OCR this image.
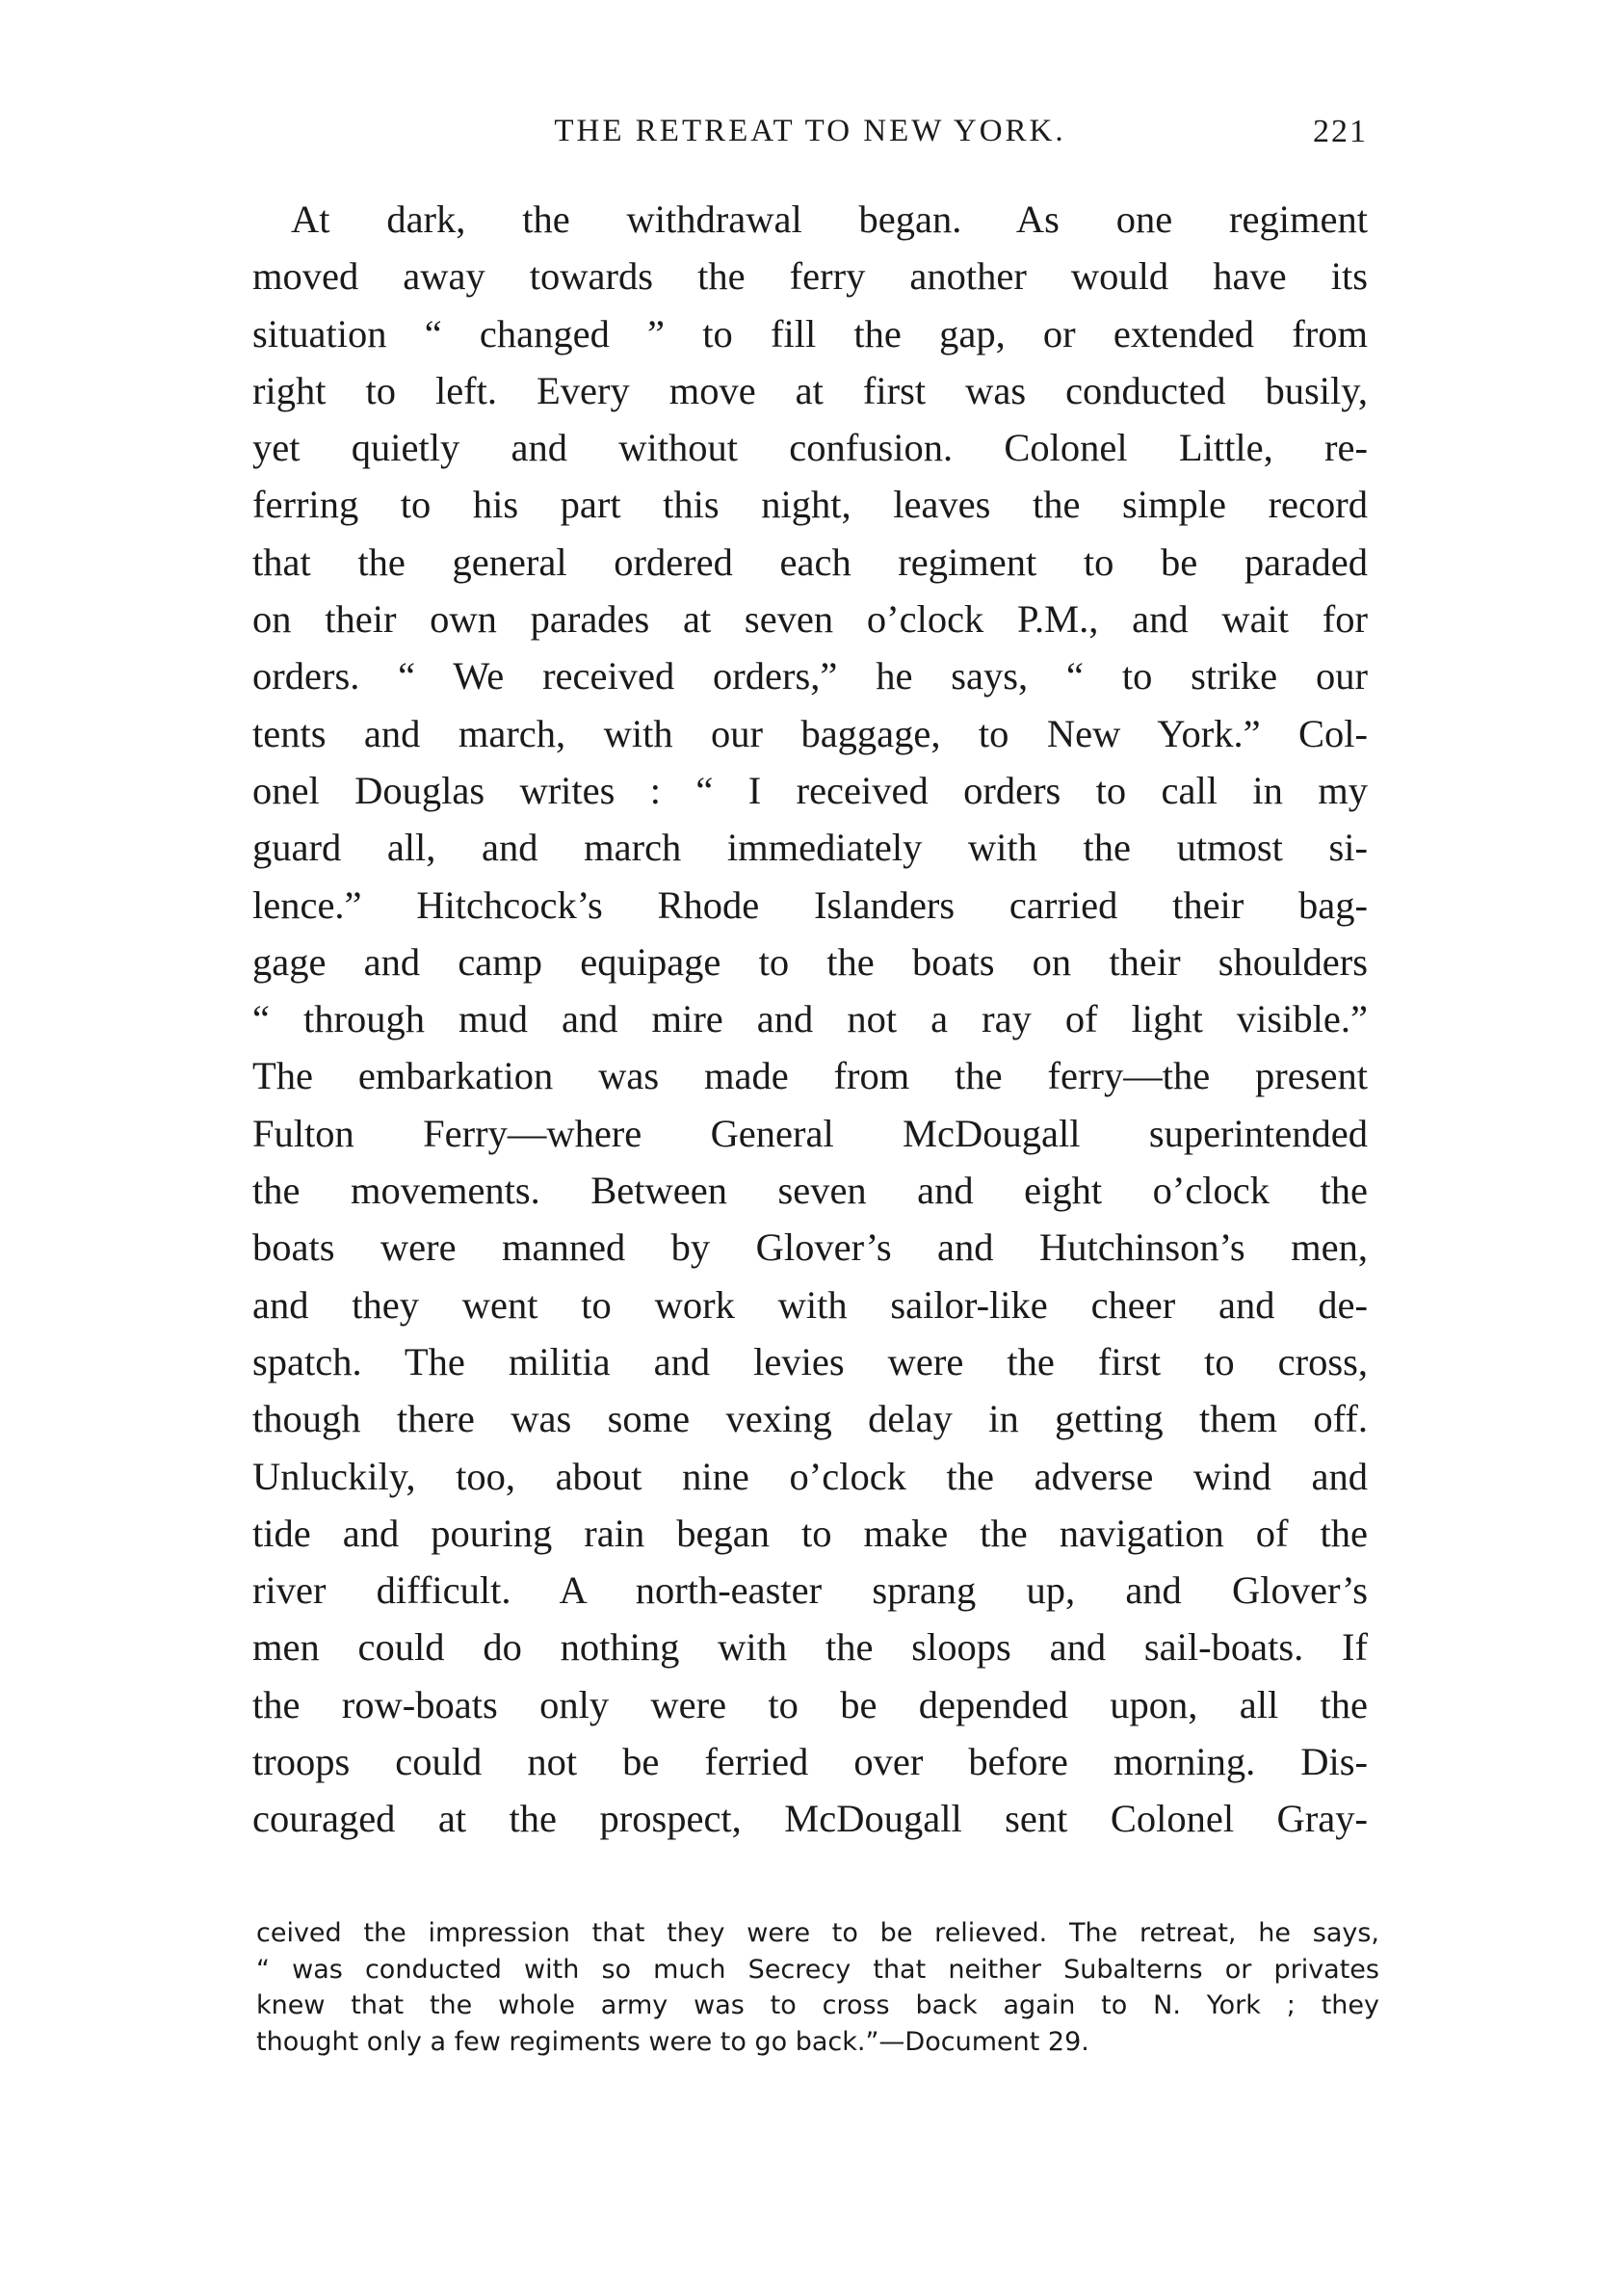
THE RETREAT TO NEW YORK.	221
At dark, the withdrawal began. As one regiment
moved away towards the ferry another would have its
situation “ changed ” to fill the gap, or extended from
right to left. Every move at first was conducted busily,
yet quietly and without confusion. Colonel Little, re-
ferring to his part this night, leaves the simple record
that the general ordered each regiment to be paraded
on their own parades at seven o’clock P.M., and wait for
orders. “ We received orders,” he says, “ to strike our
tents and march, with our baggage, to New York.” Col-
onel Douglas writes : “ I received orders to call in my
guard all, and march immediately with the utmost si-
lence.” Hitchcock’s Rhode Islanders carried their bag-
gage and camp equipage to the boats on their shoulders
“ through mud and mire and not a ray of light visible.”
The embarkation was made from the ferry—the present
Fulton Ferry—where General McDougall superintended
the movements. Between seven and eight o’clock the
boats were manned by Glover’s and Hutchinson’s men,
and they went to work with sailor-like cheer and de-
spatch. The militia and levies were the first to cross,
though there was some vexing delay in getting them off.
Unluckily, too, about nine o’clock the adverse wind and
tide and pouring rain began to make the navigation of the
river difficult. A north-easter sprang up, and Glover’s
men could do nothing with the sloops and sail-boats. If
the row-boats only were to be depended upon, all the
troops could not be ferried over before morning. Dis-
couraged at the prospect, McDougall sent Colonel Gray-
ceived the impression that they were to be relieved. The retreat, he says,
“ was conducted with so much Secrecy that neither Subalterns or privates
knew that the whole army was to cross back again to N. York ; they
thought only a few regiments were to go back.”—Document 29.
